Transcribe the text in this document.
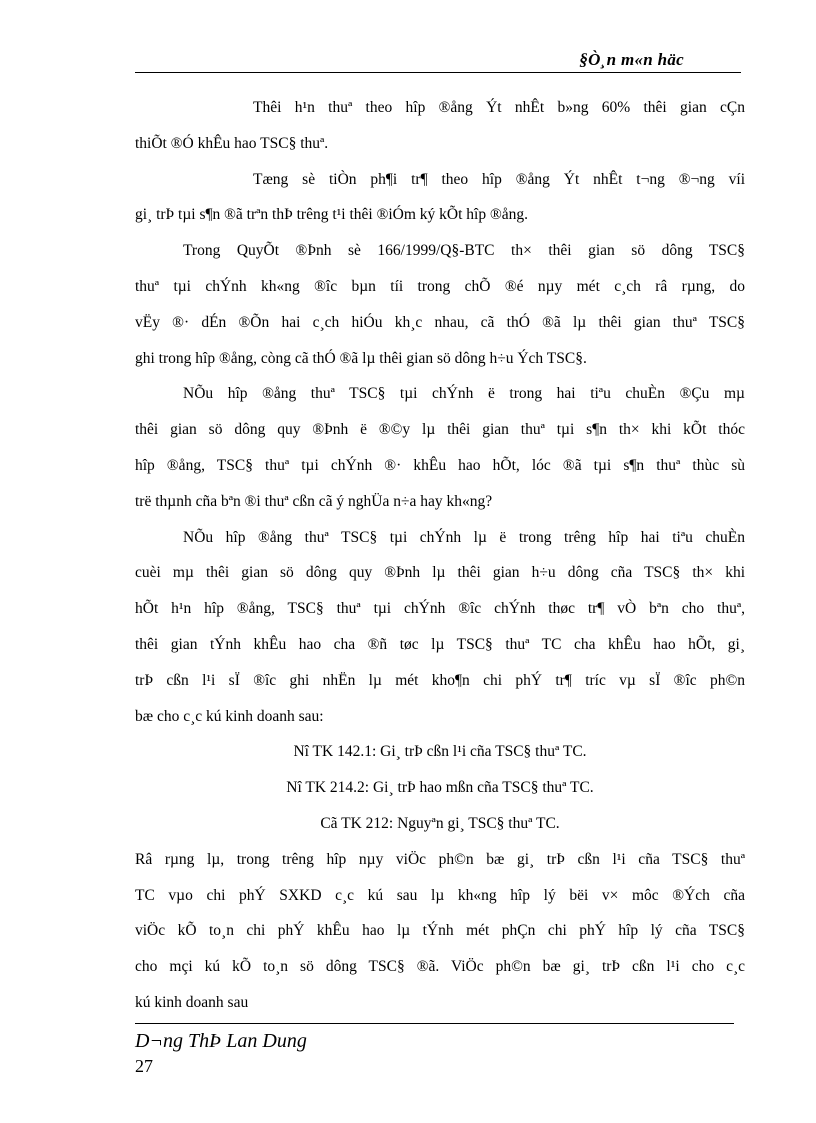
§Ò¸n m«n häc
Thêi h¹n thuª theo hîp ®ång Ýt nhÊt b»ng 60% thêi gian cÇn
thiÕt ®Ó khÊu hao TSC§ thuª.
Tæng sè tiÒn ph¶i tr¶ theo hîp ®ång Ýt nhÊt t¬ng ®¬ng víi
gi¸ trÞ tµi s¶n ®ã trªn thÞ trêng t¹i thêi ®iÓm ký kÕt hîp ®ång.
Trong QuyÕt ®Þnh sè 166/1999/Q§-BTC th× thêi gian sö dông TSC§
thuª tµi chÝnh kh«ng ®îc bµn tíi trong chÕ ®é nµy mét c¸ch râ rµng, do
vËy ®· dÉn ®Õn hai c¸ch hiÓu kh¸c nhau, cã thÓ ®ã lµ thêi gian thuª TSC§
ghi trong hîp ®ång, còng cã thÓ ®ã lµ thêi gian sö dông h÷u Ých TSC§.
NÕu hîp ®ång thuª TSC§ tµi chÝnh ë trong hai tiªu chuÈn ®Çu mµ
thêi gian sö dông quy ®Þnh ë ®©y lµ thêi gian thuª tµi s¶n th× khi kÕt thóc
hîp ®ång, TSC§ thuª tµi chÝnh ®· khÊu hao hÕt, lóc ®ã tµi s¶n thuª thùc sù
trë thµnh cña bªn ®i thuª cßn cã ý nghÜa n÷a hay kh«ng?
NÕu hîp ®ång thuª TSC§ tµi chÝnh lµ ë trong trêng hîp hai tiªu chuÈn
cuèi mµ thêi gian sö dông quy ®Þnh lµ thêi gian h÷u dông cña TSC§ th× khi
hÕt h¹n hîp ®ång, TSC§ thuª tµi chÝnh ®îc chÝnh thøc tr¶ vÒ bªn cho thuª,
thêi gian tÝnh khÊu hao cha ®ñ tøc lµ TSC§ thuª TC cha khÊu hao hÕt, gi¸
trÞ cßn l¹i sÏ ®îc ghi nhËn lµ mét kho¶n chi phÝ tr¶ tríc vµ sÏ ®îc ph©n
bæ cho c¸c kú kinh doanh sau:
Nî TK 142.1: Gi¸ trÞ cßn l¹i cña TSC§ thuª TC.
Nî TK 214.2: Gi¸ trÞ hao mßn cña TSC§ thuª TC.
Cã TK 212: Nguyªn gi¸ TSC§ thuª TC.
Râ rµng lµ, trong trêng hîp nµy viÖc ph©n bæ gi¸ trÞ cßn l¹i cña TSC§ thuª
TC vµo chi phÝ SXKD c¸c kú sau lµ kh«ng hîp lý bëi v× môc ®Ých cña
viÖc kÕ to¸n chi phÝ khÊu hao lµ tÝnh mét phÇn chi phÝ hîp lý cña TSC§
cho mçi kú kÕ to¸n sö dông TSC§ ®ã. ViÖc ph©n bæ gi¸ trÞ cßn l¹i cho c¸c
kú kinh doanh sau
D¬ng ThÞ Lan Dung
27
